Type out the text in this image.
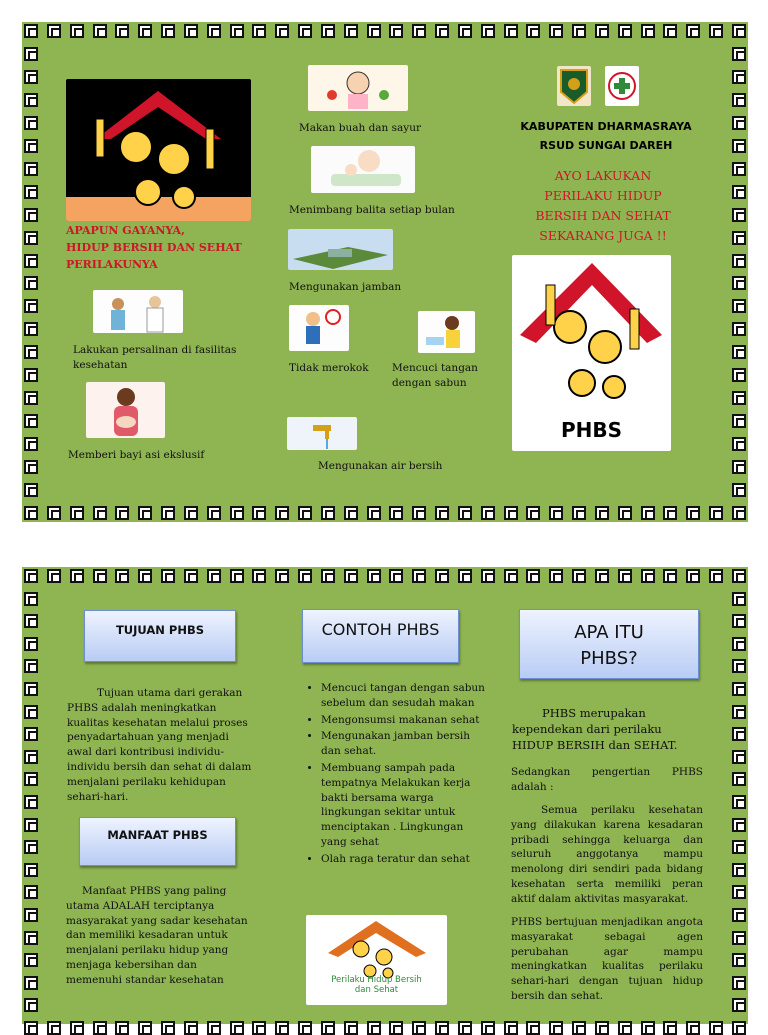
APAPUN GAYANYA,
HIDUP BERSIH DAN SEHAT
PERILAKUNYA
Lakukan persalinan di fasilitas kesehatan
Memberi bayi asi ekslusif
Makan buah dan sayur
Menimbang balita setiap bulan
Mengunakan jamban
Tidak merokok	Mencuci tangan dengan sabun
Mengunakan air bersih
KABUPATEN DHARMASRAYA
RSUD SUNGAI DAREH
AYO LAKUKAN PERILAKU HIDUP BERSIH DAN SEHAT SEKARANG JUGA !!
PHBS
TUJUAN PHBS
Tujuan utama dari gerakan PHBS adalah meningkatkan kualitas kesehatan melalui proses penyadartahuan yang menjadi awal dari kontribusi individu-individu bersih dan sehat di dalam menjalani perilaku kehidupan sehari-hari.
MANFAAT PHBS
Manfaat PHBS yang paling utama ADALAH terciptanya masyarakat yang sadar kesehatan dan memiliki kesadaran untuk menjalani perilaku hidup yang menjaga kebersihan dan memenuhi standar kesehatan
CONTOH PHBS
• Mencuci tangan dengan sabun sebelum dan sesudah makan
• Mengonsumsi makanan sehat
• Mengunakan jamban bersih dan sehat.
• Membuang sampah pada tempatnya Melakukan kerja bakti bersama warga lingkungan sekitar untuk menciptakan . Lingkungan yang sehat
• Olah raga teratur dan sehat
Perilaku Hidup Bersih dan Sehat
APA ITU PHBS?
PHBS merupakan kependekan dari perilaku HIDUP BERSIH dan SEHAT.
Sedangkan pengertian PHBS adalah :
Semua perilaku kesehatan yang dilakukan karena kesadaran pribadi sehingga keluarga dan seluruh anggotanya mampu menolong diri sendiri pada bidang kesehatan serta memiliki peran aktif dalam aktivitas masyarakat.
PHBS bertujuan menjadikan angota masyarakat sebagai agen perubahan agar mampu meningkatkan kualitas perilaku sehari-hari dengan tujuan hidup bersih dan sehat.
